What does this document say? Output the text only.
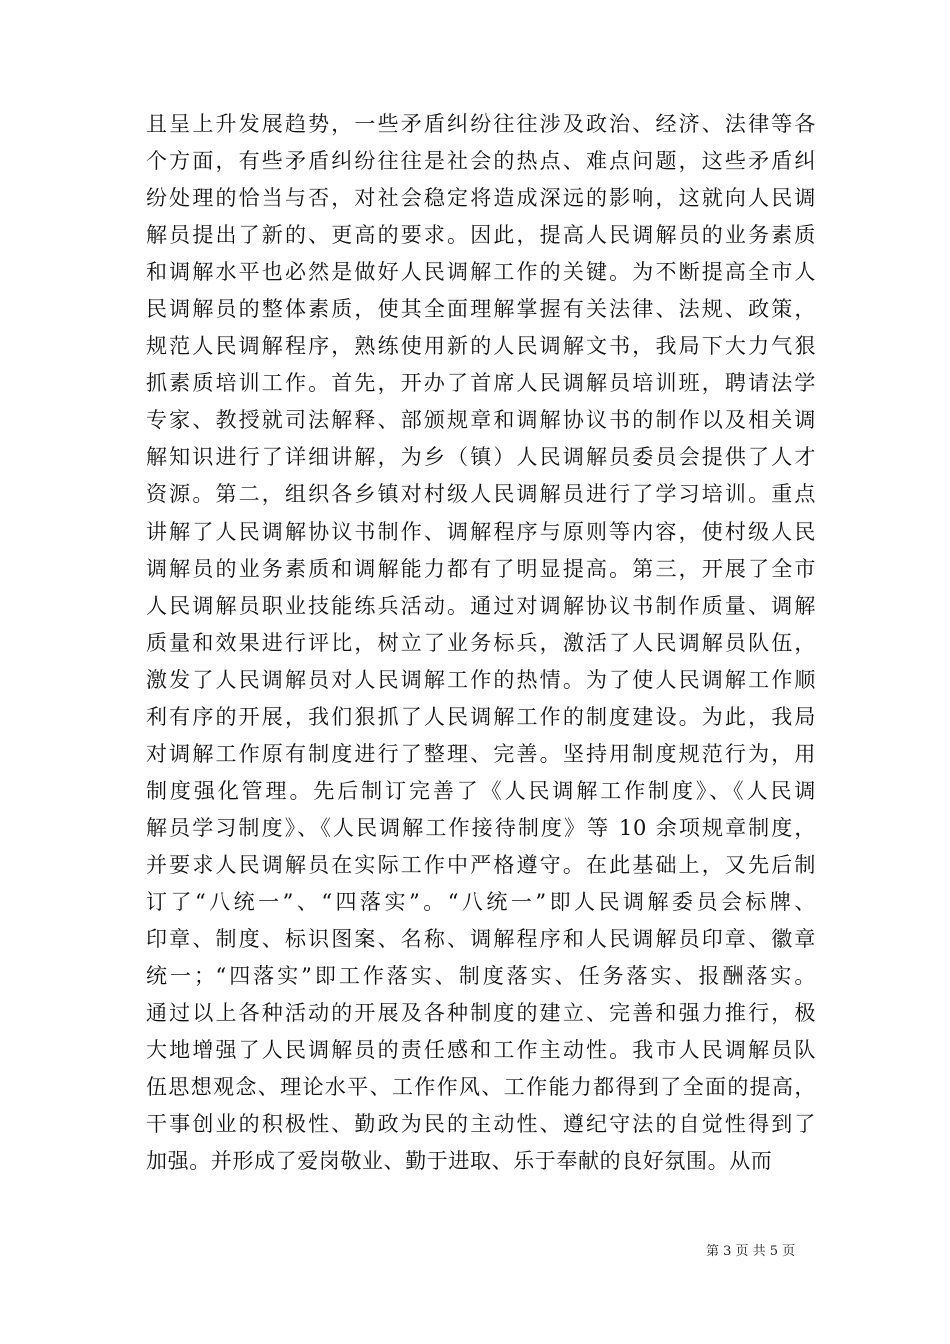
且呈上升发展趋势，一些矛盾纠纷往往涉及政治、经济、法律等各
个方面，有些矛盾纠纷往往是社会的热点、难点问题，这些矛盾纠
纷处理的恰当与否，对社会稳定将造成深远的影响，这就向人民调
解员提出了新的、更高的要求。因此，提高人民调解员的业务素质
和调解水平也必然是做好人民调解工作的关键。为不断提高全市人
民调解员的整体素质，使其全面理解掌握有关法律、法规、政策，
规范人民调解程序，熟练使用新的人民调解文书，我局下大力气狠
抓素质培训工作。首先，开办了首席人民调解员培训班，聘请法学
专家、教授就司法解释、部颁规章和调解协议书的制作以及相关调
解知识进行了详细讲解，为乡（镇）人民调解员委员会提供了人才
资源。第二，组织各乡镇对村级人民调解员进行了学习培训。重点
讲解了人民调解协议书制作、调解程序与原则等内容，使村级人民
调解员的业务素质和调解能力都有了明显提高。第三，开展了全市
人民调解员职业技能练兵活动。通过对调解协议书制作质量、调解
质量和效果进行评比，树立了业务标兵，激活了人民调解员队伍，
激发了人民调解员对人民调解工作的热情。为了使人民调解工作顺
利有序的开展，我们狠抓了人民调解工作的制度建设。为此，我局
对调解工作原有制度进行了整理、完善。坚持用制度规范行为，用
制度强化管理。先后制订完善了《人民调解工作制度》、《人民调
解员学习制度》、《人民调解工作接待制度》等 10 余项规章制度，
并要求人民调解员在实际工作中严格遵守。在此基础上，又先后制
订了“八统一”、“四落实”。“八统一”即人民调解委员会标牌、
印章、制度、标识图案、名称、调解程序和人民调解员印章、徽章
统一；“四落实”即工作落实、制度落实、任务落实、报酬落实。
通过以上各种活动的开展及各种制度的建立、完善和强力推行，极
大地增强了人民调解员的责任感和工作主动性。我市人民调解员队
伍思想观念、理论水平、工作作风、工作能力都得到了全面的提高，
干事创业的积极性、勤政为民的主动性、遵纪守法的自觉性得到了
加强。并形成了爱岗敬业、勤于进取、乐于奉献的良好氛围。从而
第 3 页 共 5 页
